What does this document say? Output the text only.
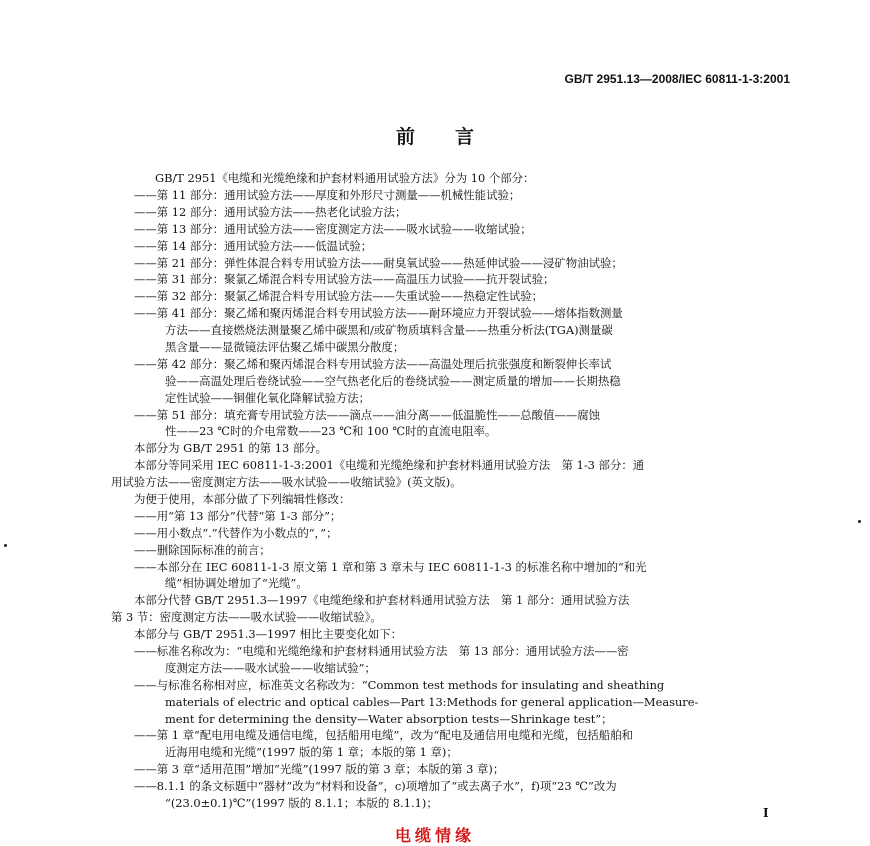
GB/T 2951.13—2008/IEC 60811-1-3:2001
前言
GB/T 2951《电缆和光缆绝缘和护套材料通用试验方法》分为 10 个部分：
——第 11 部分：通用试验方法——厚度和外形尺寸测量——机械性能试验；
——第 12 部分：通用试验方法——热老化试验方法；
——第 13 部分：通用试验方法——密度测定方法——吸水试验——收缩试验；
——第 14 部分：通用试验方法——低温试验；
——第 21 部分：弹性体混合料专用试验方法——耐臭氧试验——热延伸试验——浸矿物油试验；
——第 31 部分：聚氯乙烯混合料专用试验方法——高温压力试验——抗开裂试验；
——第 32 部分：聚氯乙烯混合料专用试验方法——失重试验——热稳定性试验；
——第 41 部分：聚乙烯和聚丙烯混合料专用试验方法——耐环境应力开裂试验——熔体指数测量
方法——直接燃烧法测量聚乙烯中碳黑和/或矿物质填料含量——热重分析法(TGA)测量碳
黑含量——显微镜法评估聚乙烯中碳黑分散度；
——第 42 部分：聚乙烯和聚丙烯混合料专用试验方法——高温处理后抗张强度和断裂伸长率试
验——高温处理后卷绕试验——空气热老化后的卷绕试验——测定质量的增加——长期热稳
定性试验——铜催化氧化降解试验方法；
——第 51 部分：填充膏专用试验方法——滴点——油分离——低温脆性——总酸值——腐蚀
性——23 ℃时的介电常数——23 ℃和 100 ℃时的直流电阻率。
本部分为 GB/T 2951 的第 13 部分。
本部分等同采用 IEC 60811-1-3:2001《电缆和光缆绝缘和护套材料通用试验方法　第 1-3 部分：通
用试验方法——密度测定方法——吸水试验——收缩试验》(英文版)。
为便于使用，本部分做了下列编辑性修改：
——用“第 13 部分”代替“第 1-3 部分”；
——用小数点“.”代替作为小数点的“，”；
——删除国际标准的前言；
——本部分在 IEC 60811-1-3 原文第 1 章和第 3 章未与 IEC 60811-1-3 的标准名称中增加的“和光
缆”相协调处增加了“光缆”。
本部分代替 GB/T 2951.3—1997《电缆绝缘和护套材料通用试验方法　第 1 部分：通用试验方法
第 3 节：密度测定方法——吸水试验——收缩试验》。
本部分与 GB/T 2951.3—1997 相比主要变化如下：
——标准名称改为：“电缆和光缆绝缘和护套材料通用试验方法　第 13 部分：通用试验方法——密
度测定方法——吸水试验——收缩试验”；
——与标准名称相对应，标准英文名称改为：“Common test methods for insulating and sheathing
materials of electric and optical cables—Part 13:Methods for general application—Measure-
ment for determining the density—Water absorption tests—Shrinkage test”；
——第 1 章“配电用电缆及通信电缆，包括船用电缆”，改为“配电及通信用电缆和光缆，包括船舶和
近海用电缆和光缆”(1997 版的第 1 章；本版的第 1 章)；
——第 3 章“适用范围”增加“光缆”(1997 版的第 3 章；本版的第 3 章)；
——8.1.1 的条文标题中“器材”改为“材料和设备”，c)项增加了“或去离子水”，f)项“23 ℃”改为
“(23.0±0.1)℃”(1997 版的 8.1.1；本版的 8.1.1)；
I
电缆情缘
